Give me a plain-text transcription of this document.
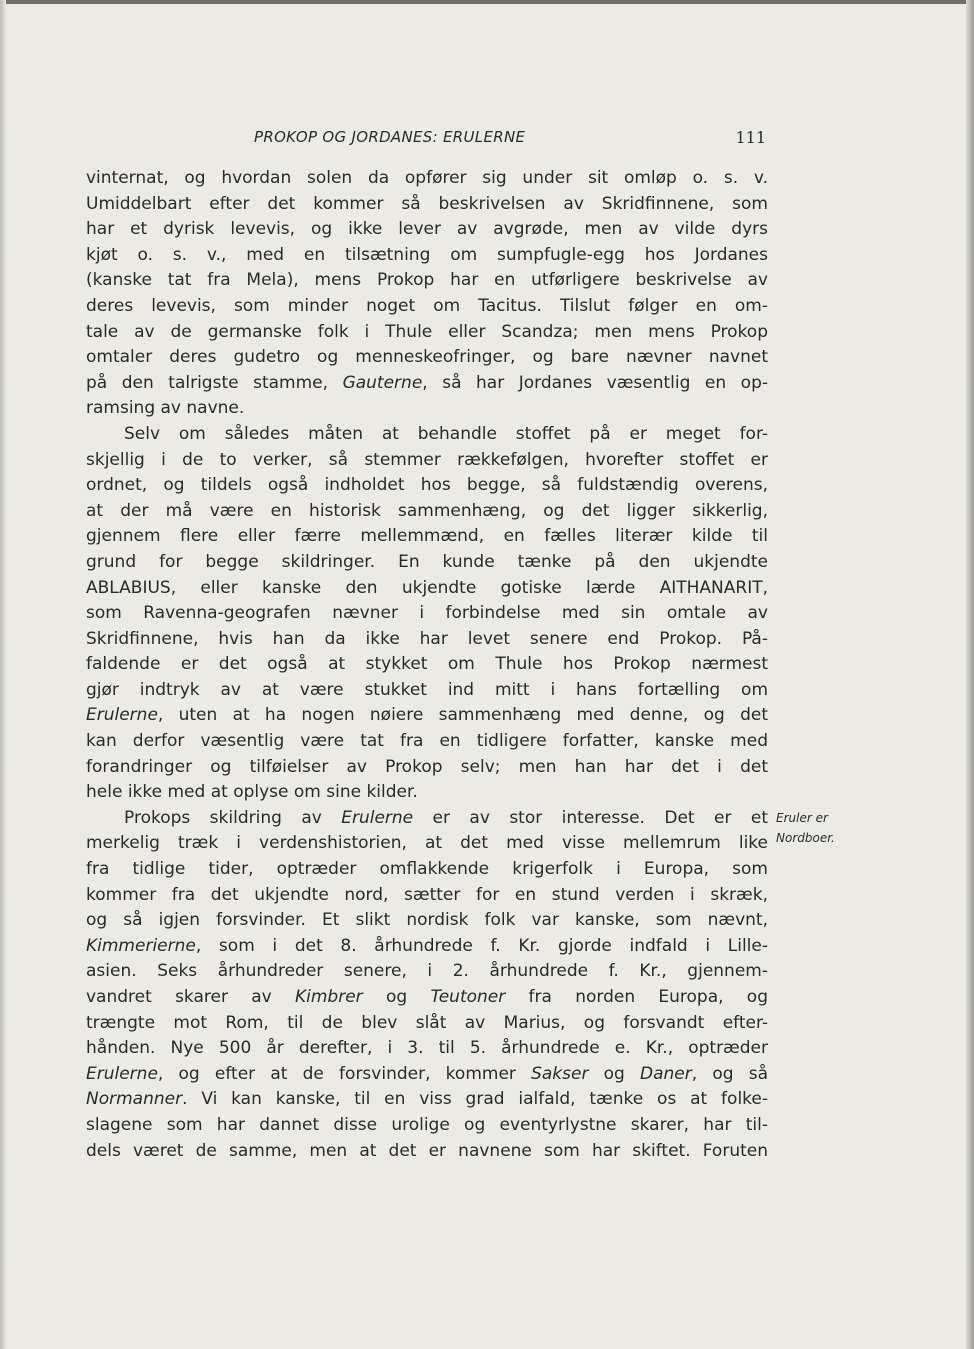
PROKOP OG JORDANES: ERULERNE	111
vinternat, og hvordan solen da opfører sig under sit omløp o. s. v.
Umiddelbart efter det kommer så beskrivelsen av Skridfinnene, som
har et dyrisk levevis, og ikke lever av avgrøde, men av vilde dyrs
kjøt o. s. v., med en tilsætning om sumpfugle-egg hos Jordanes
(kanske tat fra Mela), mens Prokop har en utførligere beskrivelse av
deres levevis, som minder noget om Tacitus. Tilslut følger en om-
tale av de germanske folk i Thule eller Scandza; men mens Prokop
omtaler deres gudetro og menneskeofringer, og bare nævner navnet
på den talrigste stamme, Gauterne, så har Jordanes væsentlig en op-
ramsing av navne.
Selv om således måten at behandle stoffet på er meget for-
skjellig i de to verker, så stemmer rækkefølgen, hvorefter stoffet er
ordnet, og tildels også indholdet hos begge, så fuldstændig overens,
at der må være en historisk sammenhæng, og det ligger sikkerlig,
gjennem flere eller færre mellemmænd, en fælles literær kilde til
grund for begge skildringer. En kunde tænke på den ukjendte
ABLABIUS, eller kanske den ukjendte gotiske lærde AITHANARIT,
som Ravenna-geografen nævner i forbindelse med sin omtale av
Skridfinnene, hvis han da ikke har levet senere end Prokop. På-
faldende er det også at stykket om Thule hos Prokop nærmest
gjør indtryk av at være stukket ind mitt i hans fortælling om
Erulerne, uten at ha nogen nøiere sammenhæng med denne, og det
kan derfor væsentlig være tat fra en tidligere forfatter, kanske med
forandringer og tilføielser av Prokop selv; men han har det i det
hele ikke med at oplyse om sine kilder.
Prokops skildring av Erulerne er av stor interesse. Det er et
merkelig træk i verdenshistorien, at det med visse mellemrum like
fra tidlige tider, optræder omflakkende krigerfolk i Europa, som
kommer fra det ukjendte nord, sætter for en stund verden i skræk,
og så igjen forsvinder. Et slikt nordisk folk var kanske, som nævnt,
Kimmerierne, som i det 8. århundrede f. Kr. gjorde indfald i Lille-
asien. Seks århundreder senere, i 2. århundrede f. Kr., gjennem-
vandret skarer av Kimbrer og Teutoner fra norden Europa, og
trængte mot Rom, til de blev slåt av Marius, og forsvandt efter-
hånden. Nye 500 år derefter, i 3. til 5. århundrede e. Kr., optræder
Erulerne, og efter at de forsvinder, kommer Sakser og Daner, og så
Normanner. Vi kan kanske, til en viss grad ialfald, tænke os at folke-
slagene som har dannet disse urolige og eventyrlystne skarer, har til-
dels været de samme, men at det er navnene som har skiftet. Foruten
Eruler er
Nordboer.
